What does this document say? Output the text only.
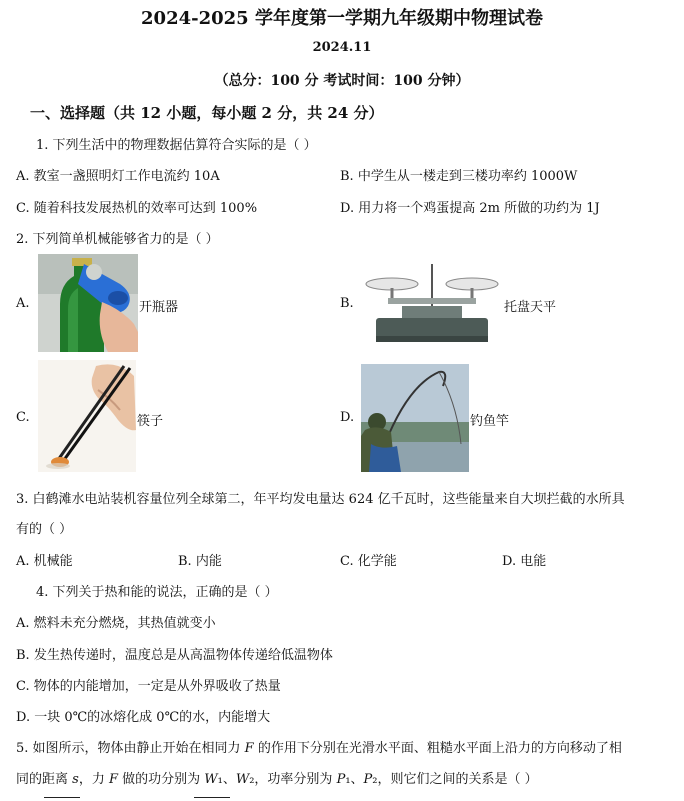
2024-2025 学年度第一学期九年级期中物理试卷
2024.11
（总分：100 分 考试时间：100 分钟）
一、选择题（共 12 小题，每小题 2 分，共 24 分）
1. 下列生活中的物理数据估算符合实际的是（ ）
A. 教室一盏照明灯工作电流约 10A	B. 中学生从一楼走到三楼功率约 1000W
C. 随着科技发展热机的效率可达到 100%	D. 用力将一个鸡蛋提高 2m 所做的功约为 1J
2. 下列简单机械能够省力的是（ ）
A.	开瓶器	B.	托盘天平
C.	筷子	D.	钓鱼竿
3. 白鹤滩水电站装机容量位列全球第二，年平均发电量达 624 亿千瓦时，这些能量来自大坝拦截的水所具
有的（ ）
A. 机械能	B. 内能	C. 化学能	D. 电能
4. 下列关于热和能的说法，正确的是（ ）
A. 燃料未充分燃烧，其热值就变小
B. 发生热传递时，温度总是从高温物体传递给低温物体
C. 物体的内能增加，一定是从外界吸收了热量
D. 一块 0℃的冰熔化成 0℃的水，内能增大
5. 如图所示，物体由静止开始在相同力 F 的作用下分别在光滑水平面、粗糙水平面上沿力的方向移动了相
同的距离 s，力 F 做的功分别为 W₁、W₂，功率分别为 P₁、P₂，则它们之间的关系是（ ）
